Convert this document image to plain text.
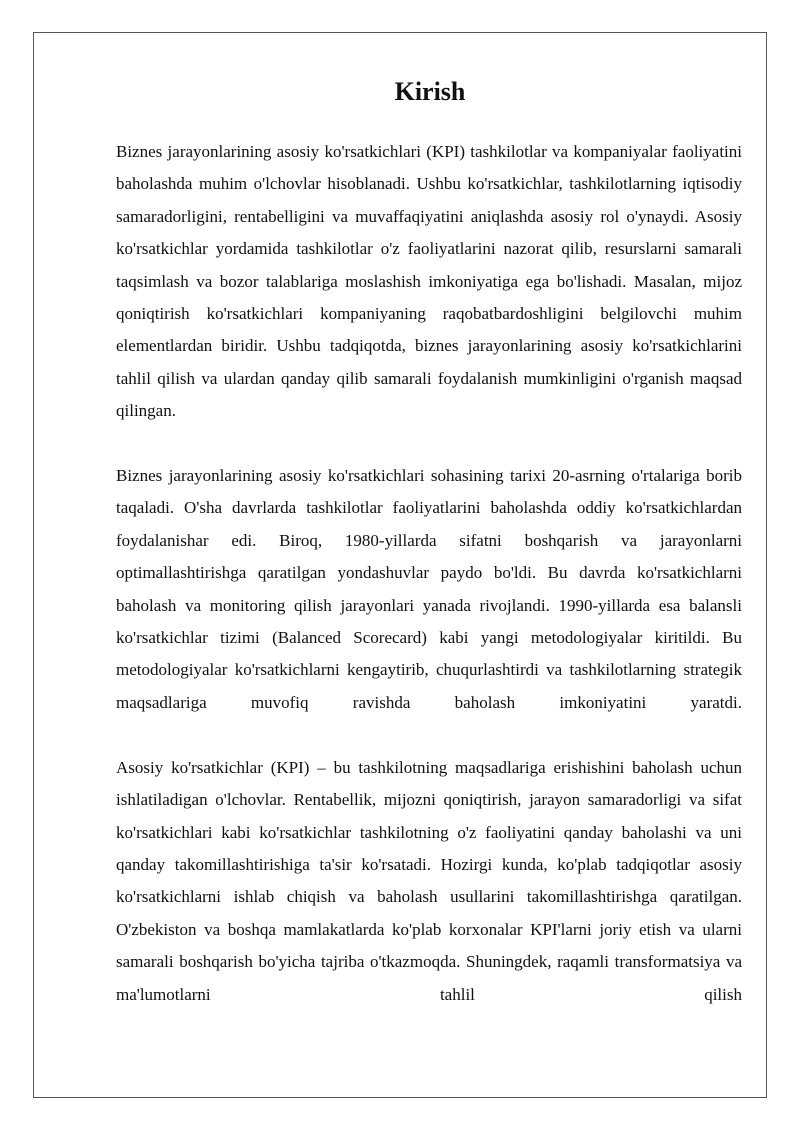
Kirish

Biznes jarayonlarining asosiy ko'rsatkichlari (KPI) tashkilotlar va kompaniyalar faoliyatini baholashda muhim o'lchovlar hisoblanadi. Ushbu ko'rsatkichlar, tashkilotlarning iqtisodiy samaradorligini, rentabelligini va muvaffaqiyatini aniqlashda asosiy rol o'ynaydi. Asosiy ko'rsatkichlar yordamida tashkilotlar o'z faoliyatlarini nazorat qilib, resurslarni samarali taqsimlash va bozor talablariga moslashish imkoniyatiga ega bo'lishadi. Masalan, mijoz qoniqtirish ko'rsatkichlari kompaniyaning raqobatbardoshligini belgilovchi muhim elementlardan biridir. Ushbu tadqiqotda, biznes jarayonlarining asosiy ko'rsatkichlarini tahlil qilish va ulardan qanday qilib samarali foydalanish mumkinligini o'rganish maqsad qilingan.

Biznes jarayonlarining asosiy ko'rsatkichlari sohasining tarixi 20-asrning o'rtalariga borib taqaladi. O'sha davrlarda tashkilotlar faoliyatlarini baholashda oddiy ko'rsatkichlardan foydalanishar edi. Biroq, 1980-yillarda sifatni boshqarish va jarayonlarni optimallashtirishga qaratilgan yondashuvlar paydo bo'ldi. Bu davrda ko'rsatkichlarni baholash va monitoring qilish jarayonlari yanada rivojlandi. 1990-yillarda esa balansli ko'rsatkichlar tizimi (Balanced Scorecard) kabi yangi metodologiyalar kiritildi. Bu metodologiyalar ko'rsatkichlarni kengaytirib, chuqurlashtirdi va tashkilotlarning strategik maqsadlariga muvofiq ravishda baholash imkoniyatini yaratdi.

Asosiy ko'rsatkichlar (KPI) – bu tashkilotning maqsadlariga erishishini baholash uchun ishlatiladigan o'lchovlar. Rentabellik, mijozni qoniqtirish, jarayon samaradorligi va sifat ko'rsatkichlari kabi ko'rsatkichlar tashkilotning o'z faoliyatini qanday baholashi va uni qanday takomillashtirishiga ta'sir ko'rsatadi. Hozirgi kunda, ko'plab tadqiqotlar asosiy ko'rsatkichlarni ishlab chiqish va baholash usullarini takomillashtirishga qaratilgan. O'zbekiston va boshqa mamlakatlarda ko'plab korxonalar KPI'larni joriy etish va ularni samarali boshqarish bo'yicha tajriba o'tkazmoqda. Shuningdek, raqamli transformatsiya va ma'lumotlarni tahlil qilish
